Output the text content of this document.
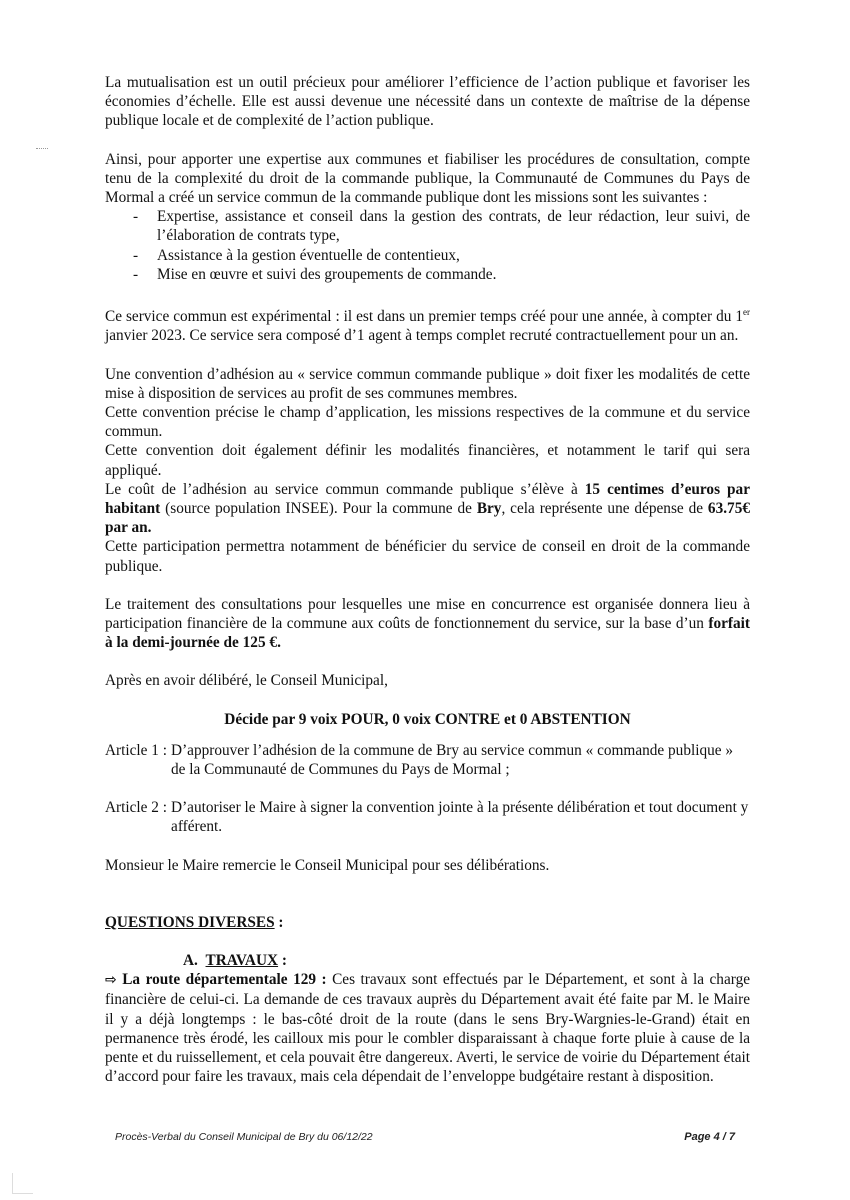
La mutualisation est un outil précieux pour améliorer l’efficience de l’action publique et favoriser les économies d’échelle. Elle est aussi devenue une nécessité dans un contexte de maîtrise de la dépense publique locale et de complexité de l’action publique.

Ainsi, pour apporter une expertise aux communes et fiabiliser les procédures de consultation, compte tenu de la complexité du droit de la commande publique, la Communauté de Communes du Pays de Mormal a créé un service commun de la commande publique dont les missions sont les suivantes :

- Expertise, assistance et conseil dans la gestion des contrats, de leur rédaction, leur suivi, de l’élaboration de contrats type,
- Assistance à la gestion éventuelle de contentieux,
- Mise en œuvre et suivi des groupements de commande.

Ce service commun est expérimental : il est dans un premier temps créé pour une année, à compter du 1er janvier 2023. Ce service sera composé d’1 agent à temps complet recruté contractuellement pour un an.

Une convention d’adhésion au « service commun commande publique » doit fixer les modalités de cette mise à disposition de services au profit de ses communes membres.

Cette convention précise le champ d’application, les missions respectives de la commune et du service commun.

Cette convention doit également définir les modalités financières, et notamment le tarif qui sera appliqué.

Le coût de l’adhésion au service commun commande publique s’élève à 15 centimes d’euros par habitant (source population INSEE). Pour la commune de Bry, cela représente une dépense de 63.75€ par an.

Cette participation permettra notamment de bénéficier du service de conseil en droit de la commande publique.

Le traitement des consultations pour lesquelles une mise en concurrence est organisée donnera lieu à participation financière de la commune aux coûts de fonctionnement du service, sur la base d’un forfait à la demi-journée de 125 €.

Après en avoir délibéré, le Conseil Municipal,

Décide par 9 voix POUR, 0 voix CONTRE et 0 ABSTENTION

Article 1 : D’approuver l’adhésion de la commune de Bry au service commun « commande publique » de la Communauté de Communes du Pays de Mormal ;
Article 2 : D’autoriser le Maire à signer la convention jointe à la présente délibération et tout document y afférent.

Monsieur le Maire remercie le Conseil Municipal pour ses délibérations.

QUESTIONS DIVERSES :

A. TRAVAUX :

⇨ La route départementale 129 : Ces travaux sont effectués par le Département, et sont à la charge financière de celui-ci. La demande de ces travaux auprès du Département avait été faite par M. le Maire il y a déjà longtemps : le bas-côté droit de la route (dans le sens Bry-Wargnies-le-Grand) était en permanence très érodé, les cailloux mis pour le combler disparaissant à chaque forte pluie à cause de la pente et du ruissellement, et cela pouvait être dangereux. Averti, le service de voirie du Département était d’accord pour faire les travaux, mais cela dépendait de l’enveloppe budgétaire restant à disposition.

Procès-Verbal du Conseil Municipal de Bry du 06/12/22	Page 4 / 7
